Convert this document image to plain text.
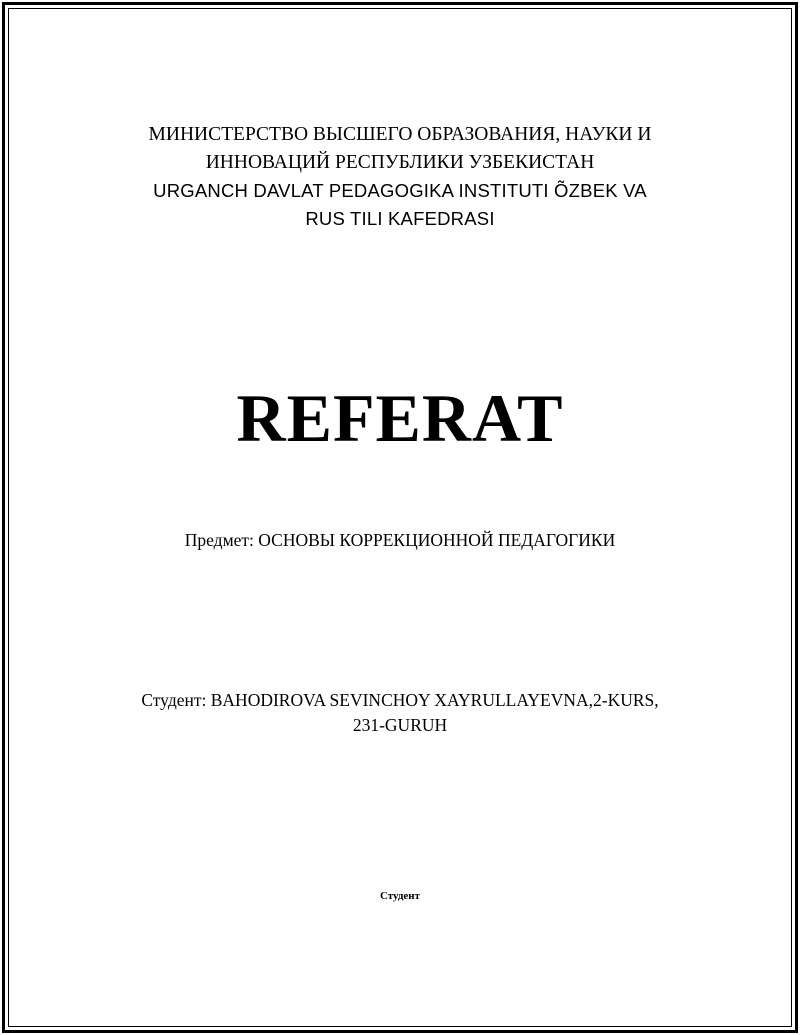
МИНИСТЕРСТВО ВЫСШЕГО ОБРАЗОВАНИЯ, НАУКИ И
ИННОВАЦИЙ РЕСПУБЛИКИ УЗБЕКИСТАН
URGANCH DAVLAT PEDAGOGIKA INSTITUTI ÕZBEK VA
RUS TILI KAFEDRASI
REFERAT
Предмет: ОСНОВЫ КОРРЕКЦИОННОЙ ПЕДАГОГИКИ
Студент: BAHODIROVA SEVINCHOY XAYRULLAYEVNA,2-KURS,
231-GURUH
Студент
